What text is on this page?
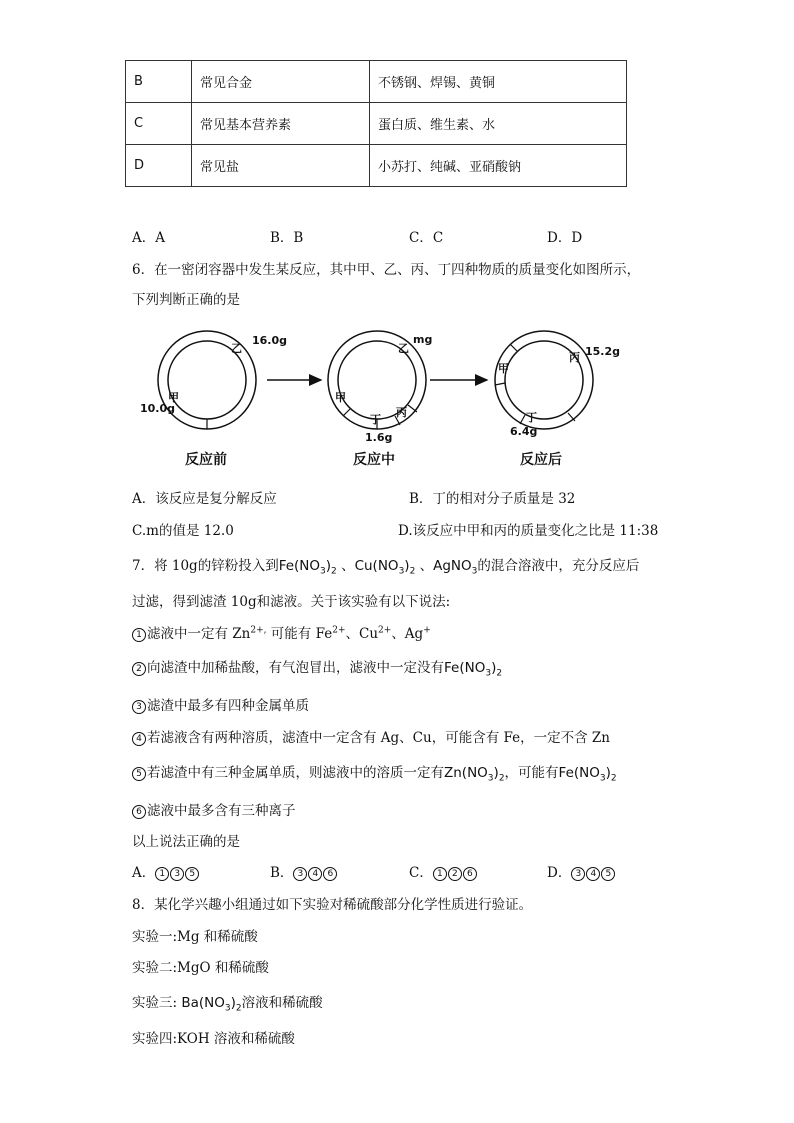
B	常见合金	不锈钢、焊锡、黄铜
C	常见基本营养素	蛋白质、维生素、水
D	常见盐	小苏打、纯碱、亚硝酸钠
A．A	B．B	C．C	D．D
6．在一密闭容器中发生某反应，其中甲、乙、丙、丁四种物质的质量变化如图所示，
下列判断正确的是
乙
16.0g
甲
10.0g
反应前
乙
mg
甲
丁
丙
1.6g
反应中
甲
丙 15.2g
丁
6.4g
反应后
A．该反应是复分解反应	B．丁的相对分子质量是 32
C.m的值是 12.0	D.该反应中甲和丙的质量变化之比是 11:38
7．将 10g的锌粉投入到$Fe(NO_3)_2$ 、$Cu(NO_3)_2$ 、AgNO$_3$的混合溶液中，充分反应后
过滤，得到滤渣 10g和滤液。关于该实验有以下说法:
1 滤液中一定有 $Zn^{2+,}$ 可能有 $Fe^{2+}$、$Cu^{2+}$、Ag+
2 向滤渣中加稀盐酸，有气泡冒出，滤液中一定没有$Fe(NO_3)_2$
3 滤渣中最多有四种金属单质
4 若滤液含有两种溶质，滤渣中一定含有 Ag、Cu，可能含有 Fe，一定不含 Zn
5 若滤渣中有三种金属单质，则滤液中的溶质一定有$Zn(NO_3)_2$，可能有$Fe(NO_3)_2$
6 滤液中最多含有三种离子
以上说法正确的是
A． 1 3 5	B． 3 4 6	C． 1 2 6	D． 3 4 5
8．某化学兴趣小组通过如下实验对稀硫酸部分化学性质进行验证。
实验一:Mg 和稀硫酸
实验二:MgO 和稀硫酸
实验三: $Ba(NO_3)_2$溶液和稀硫酸
实验四:KOH 溶液和稀硫酸
